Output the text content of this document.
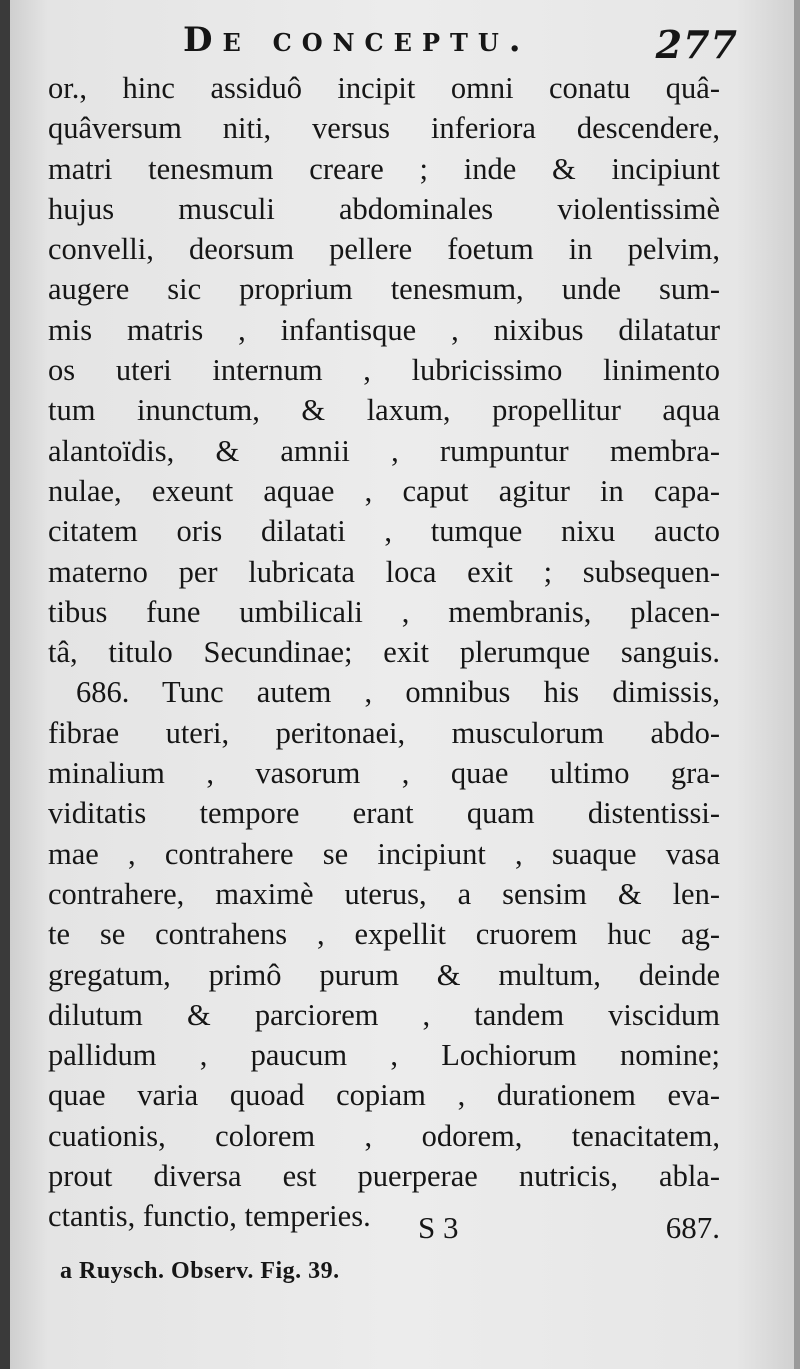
De conceptu.	277
or., hinc assiduô incipit omni conatu quâ-
quâversum niti, versus inferiora descendere,
matri tenesmum creare ; inde & incipiunt
hujus musculi abdominales violentissimè
convelli, deorsum pellere foetum in pelvim,
augere sic proprium tenesmum, unde sum-
mis matris , infantisque , nixibus dilatatur
os uteri internum , lubricissimo linimento
tum inunctum, & laxum, propellitur aqua
alantoïdis, & amnii , rumpuntur membra-
nulae, exeunt aquae , caput agitur in capa-
citatem oris dilatati , tumque nixu aucto
materno per lubricata loca exit ; subsequen-
tibus fune umbilicali , membranis, placen-
tâ, titulo Secundinae; exit plerumque sanguis.
686. Tunc autem , omnibus his dimissis,
fibrae uteri, peritonaei, musculorum abdo-
minalium , vasorum , quae ultimo gra-
viditatis tempore erant quam distentissi-
mae , contrahere se incipiunt , suaque vasa
contrahere, maximè uterus, a sensim & len-
te se contrahens , expellit cruorem huc ag-
gregatum, primô purum & multum, deinde
dilutum & parciorem , tandem viscidum
pallidum , paucum , Lochiorum nomine;
quae varia quoad copiam , durationem eva-
cuationis, colorem , odorem, tenacitatem,
prout diversa est puerperae nutricis, abla-
ctantis, functio, temperies.	S 3	687.
a Ruysch. Observ. Fig. 39.
